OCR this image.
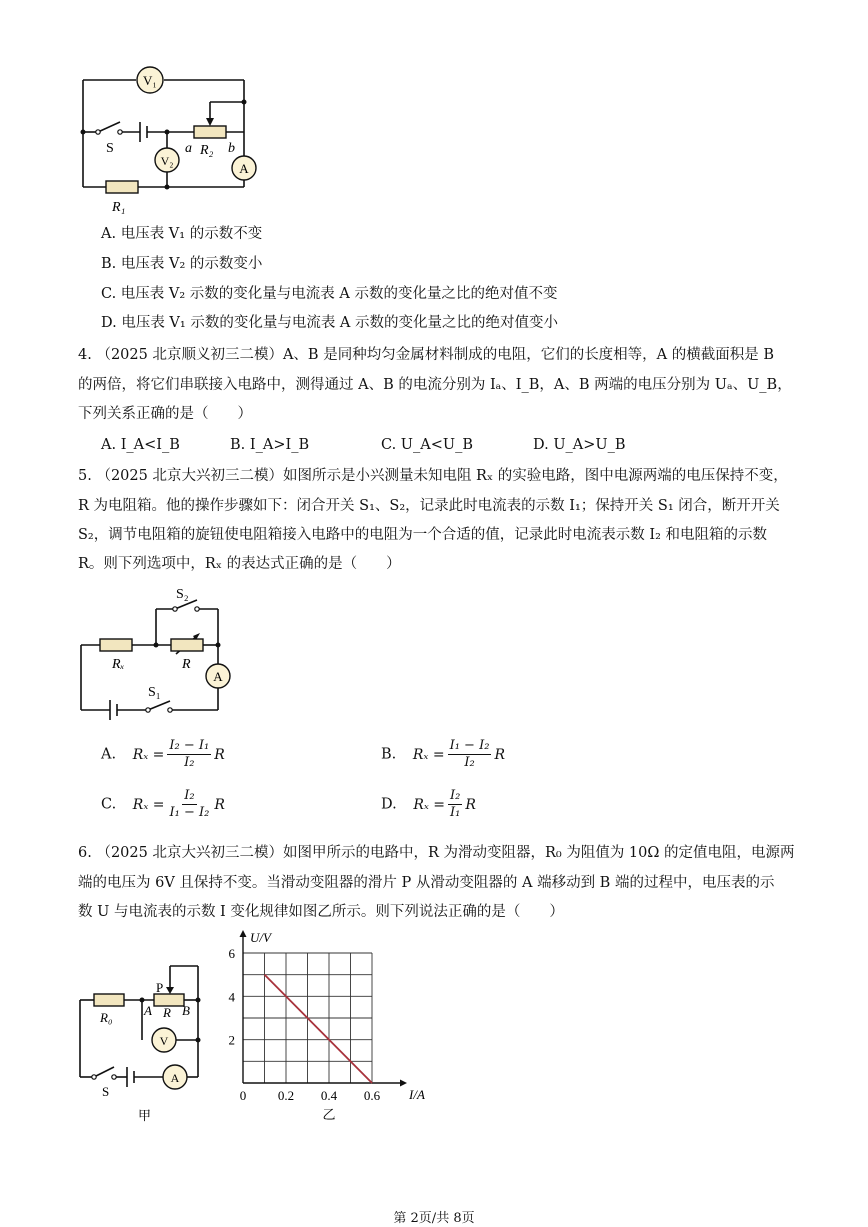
V₁
V₂	A
S	a R₂ b
R₁
A. 电压表 V₁ 的示数不变
B. 电压表 V₂ 的示数变小
C. 电压表 V₂ 示数的变化量与电流表 A 示数的变化量之比的绝对值不变
D. 电压表 V₁ 示数的变化量与电流表 A 示数的变化量之比的绝对值变小
4. （2025 北京顺义初三二模）A、B 是同种均匀金属材料制成的电阻，它们的长度相等，A 的横截面积是 B
的两倍，将它们串联接入电路中，测得通过 A、B 的电流分别为 Iₐ、I_B，A、B 两端的电压分别为 Uₐ、U_B，
下列关系正确的是（　　）
A. I_A<I_B	B. I_A>I_B	C. U_A<U_B	D. U_A>U_B
5. （2025 北京大兴初三二模）如图所示是小兴测量未知电阻 Rₓ 的实验电路，图中电源两端的电压保持不变，
R 为电阻箱。他的操作步骤如下：闭合开关 S₁、S₂，记录此时电流表的示数 I₁；保持开关 S₁ 闭合，断开开关
S₂，调节电阻箱的旋钮使电阻箱接入电路中的电阻为一个合适的值，记录此时电流表示数 I₂ 和电阻箱的示数
R。则下列选项中，Rₓ 的表达式正确的是（　　）
S₂
Rₓ	R
A
S₁
A. $R_x = \frac{\text{I₂ − I₁}}{\text{I₂}}$ R	B. $R_x = \frac{\text{I₁ − I₂}}{\text{I₂}}$ R
C. $R_x = \frac{\text{I₂}}{\text{I₁ − I₂}}$ R	D. $R_x = \frac{\text{I₂}}{\text{I₁}}$ R
6. （2025 北京大兴初三二模）如图甲所示的电路中，R 为滑动变阻器，R₀ 为阻值为 10Ω 的定值电阻，电源两
端的电压为 6V 且保持不变。当滑动变阻器的滑片 P 从滑动变阻器的 A 端移动到 B 端的过程中，电压表的示
数 U 与电流表的示数 I 变化规律如图乙所示。则下列说法正确的是（　　）
P
R₀ A R B
V
A
S
甲
0 0.2 0.4 0.6
2
4
6
I/A
U/V
乙
第 2页/共 8页
